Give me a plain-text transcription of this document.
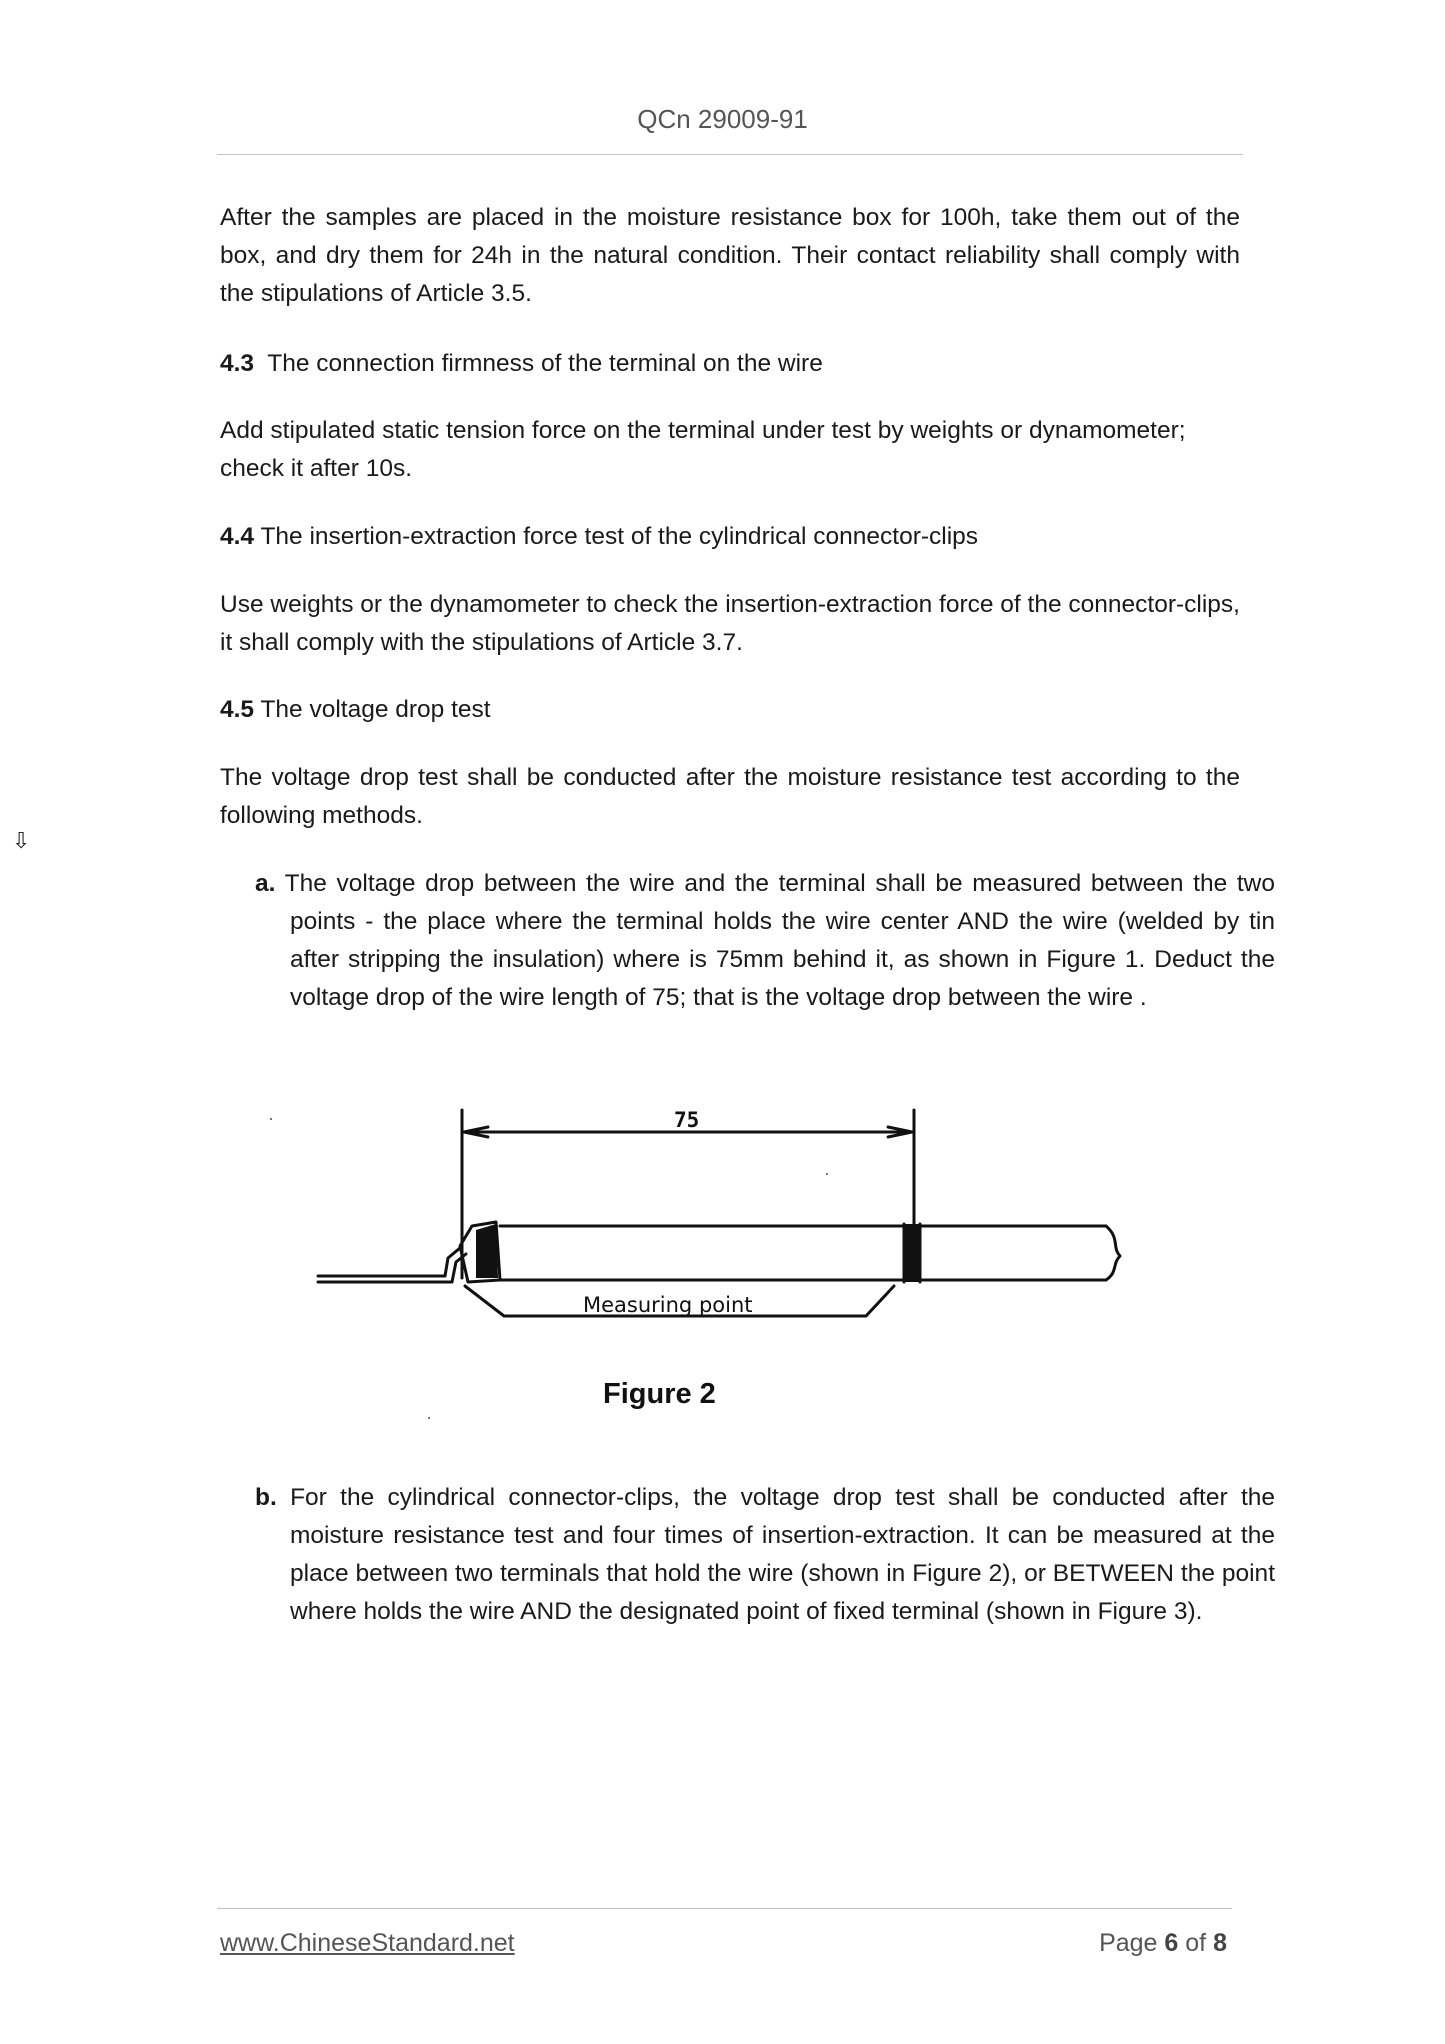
QCn 29009-91

After the samples are placed in the moisture resistance box for 100h, take them out of the box, and dry them for 24h in the natural condition. Their contact reliability shall comply with the stipulations of Article 3.5.

4.3 The connection firmness of the terminal on the wire

Add stipulated static tension force on the terminal under test by weights or dynamometer; check it after 10s.

4.4 The insertion-extraction force test of the cylindrical connector-clips

Use weights or the dynamometer to check the insertion-extraction force of the connector-clips, it shall comply with the stipulations of Article 3.7.

4.5 The voltage drop test

The voltage drop test shall be conducted after the moisture resistance test according to the following methods.

⇩

a. The voltage drop between the wire and the terminal shall be measured between the two points - the place where the terminal holds the wire center AND the wire (welded by tin after stripping the insulation) where is 75mm behind it, as shown in Figure 1. Deduct the voltage drop of the wire length of 75; that is the voltage drop between the wire .

75
Measuring point
Figure 2

b. For the cylindrical connector-clips, the voltage drop test shall be conducted after the moisture resistance test and four times of insertion-extraction. It can be measured at the place between two terminals that hold the wire (shown in Figure 2), or BETWEEN the point where holds the wire AND the designated point of fixed terminal (shown in Figure 3).

www.ChineseStandard.net	Page 6 of 8
